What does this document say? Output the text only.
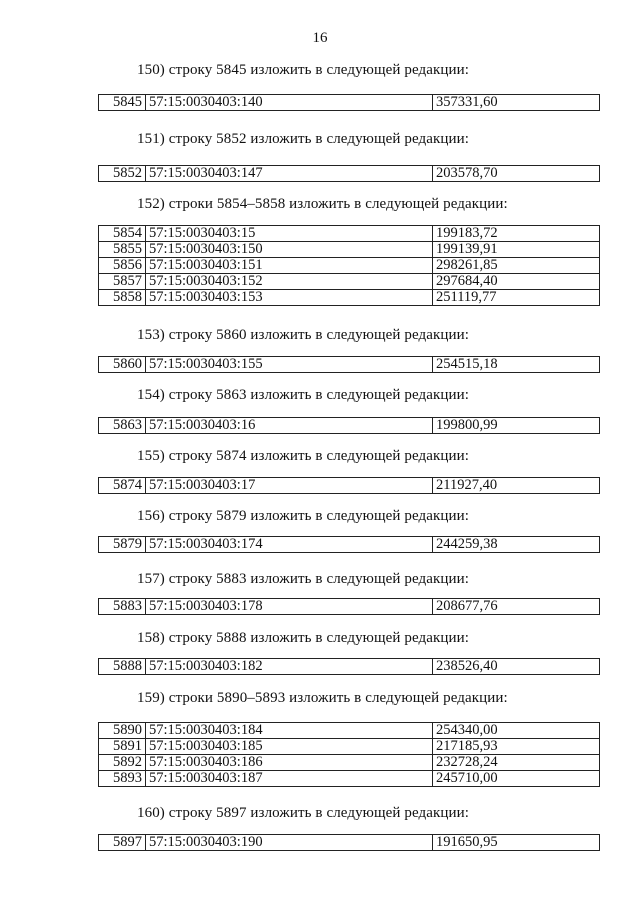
16
150) строку 5845 изложить в следующей редакции:
5845	57:15:0030403:140	357331,60
151) строку 5852 изложить в следующей редакции:
5852	57:15:0030403:147	203578,70
152) строки 5854–5858 изложить в следующей редакции:
5854	57:15:0030403:15	199183,72
5855	57:15:0030403:150	199139,91
5856	57:15:0030403:151	298261,85
5857	57:15:0030403:152	297684,40
5858	57:15:0030403:153	251119,77
153) строку 5860 изложить в следующей редакции:
5860	57:15:0030403:155	254515,18
154) строку 5863 изложить в следующей редакции:
5863	57:15:0030403:16	199800,99
155) строку 5874 изложить в следующей редакции:
5874	57:15:0030403:17	211927,40
156) строку 5879 изложить в следующей редакции:
5879	57:15:0030403:174	244259,38
157) строку 5883 изложить в следующей редакции:
5883	57:15:0030403:178	208677,76
158) строку 5888 изложить в следующей редакции:
5888	57:15:0030403:182	238526,40
159) строки 5890–5893 изложить в следующей редакции:
5890	57:15:0030403:184	254340,00
5891	57:15:0030403:185	217185,93
5892	57:15:0030403:186	232728,24
5893	57:15:0030403:187	245710,00
160) строку 5897 изложить в следующей редакции:
5897	57:15:0030403:190	191650,95
